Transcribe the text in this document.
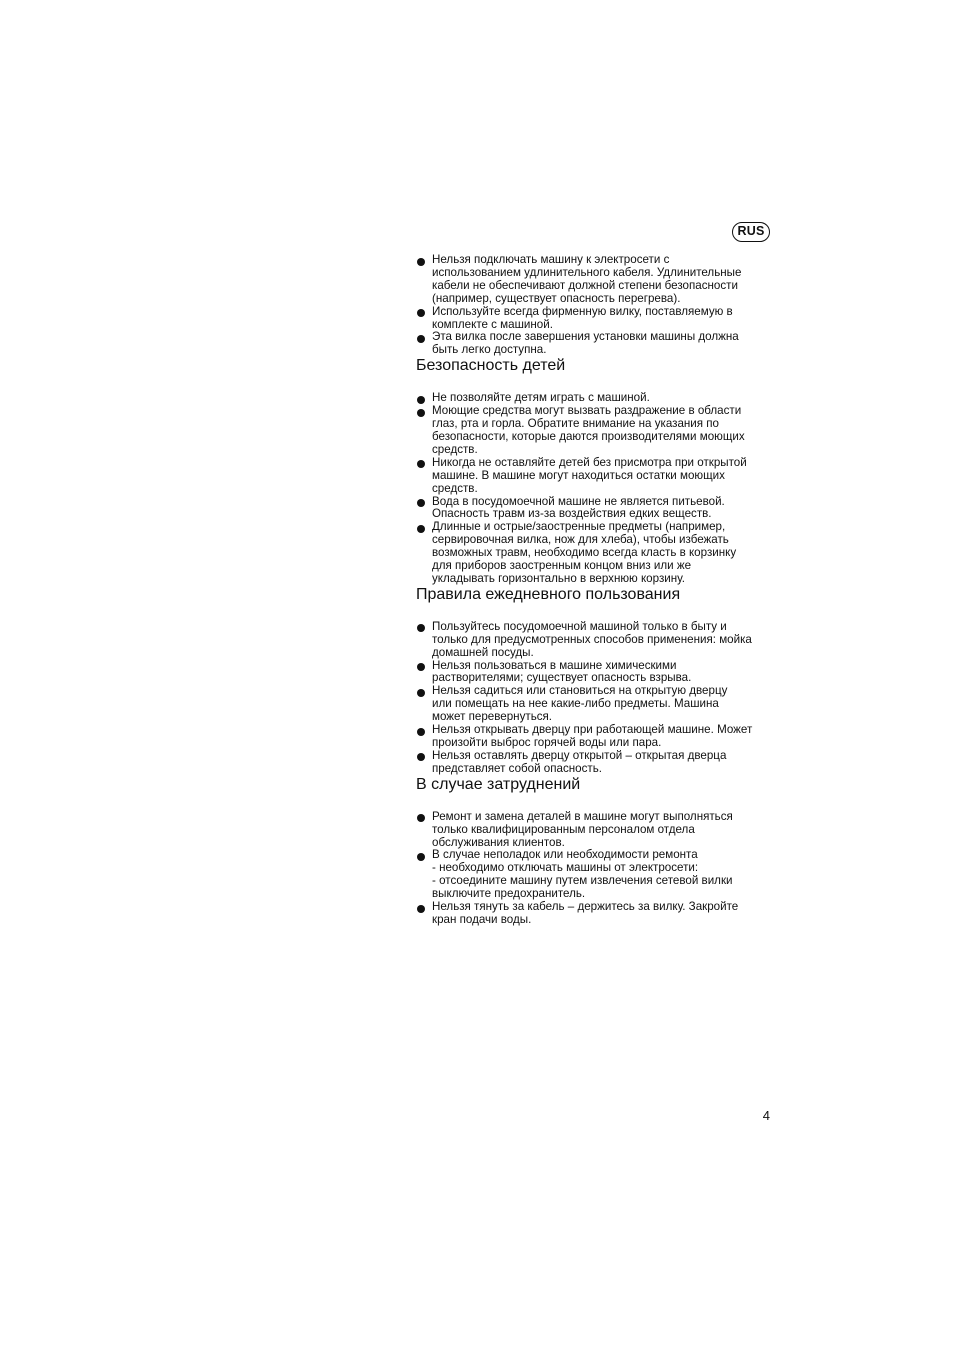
RUS
Нельзя подключать машину к электросети с
использованием удлинительного кабеля. Удлинительные
кабели не обеспечивают должной степени безопасности
(например, существует опасность перегрева).
Используйте всегда фирменную вилку, поставляемую в
комплекте с машиной.
Эта вилка после завершения установки машины должна
быть легко доступна.
Безопасность детей
Не позволяйте детям играть с машиной.
Моющие средства могут вызвать раздражение в области
глаз, рта и горла. Обратите внимание на указания по
безопасности, которые даются производителями моющих
средств.
Никогда не оставляйте детей без присмотра при открытой
машине. В машине могут находиться остатки моющих
средств.
Вода в посудомоечной машине не является питьевой.
Опасность травм из-за воздействия едких веществ.
Длинные и острые/заостренные предметы (например,
сервировочная вилка, нож для хлеба), чтобы избежать
возможных травм, необходимо всегда класть в корзинку
для приборов заостренным концом вниз или же
укладывать горизонтально в верхнюю корзину.
Правила ежедневного пользования
Пользуйтесь посудомоечной машиной только в быту и
только для предусмотренных способов применения: мойка
домашней посуды.
Нельзя пользоваться в машине химическими
растворителями; существует опасность взрыва.
Нельзя садиться или становиться на открытую дверцу
или помещать на нее какие-либо предметы. Машина
может перевернуться.
Нельзя открывать дверцу при работающей машине. Может
произойти выброс горячей воды или пара.
Нельзя оставлять дверцу открытой – открытая дверца
представляет собой опасность.
В случае затруднений
Ремонт и замена деталей в машине могут выполняться
только квалифицированным персоналом отдела
обслуживания клиентов.
В случае неполадок или необходимости ремонта
- необходимо отключать машины от электросети:
- отсоедините машину путем извлечения сетевой вилки
выключите предохранитель.
Нельзя тянуть за кабель – держитесь за вилку. Закройте
кран подачи воды.
4
